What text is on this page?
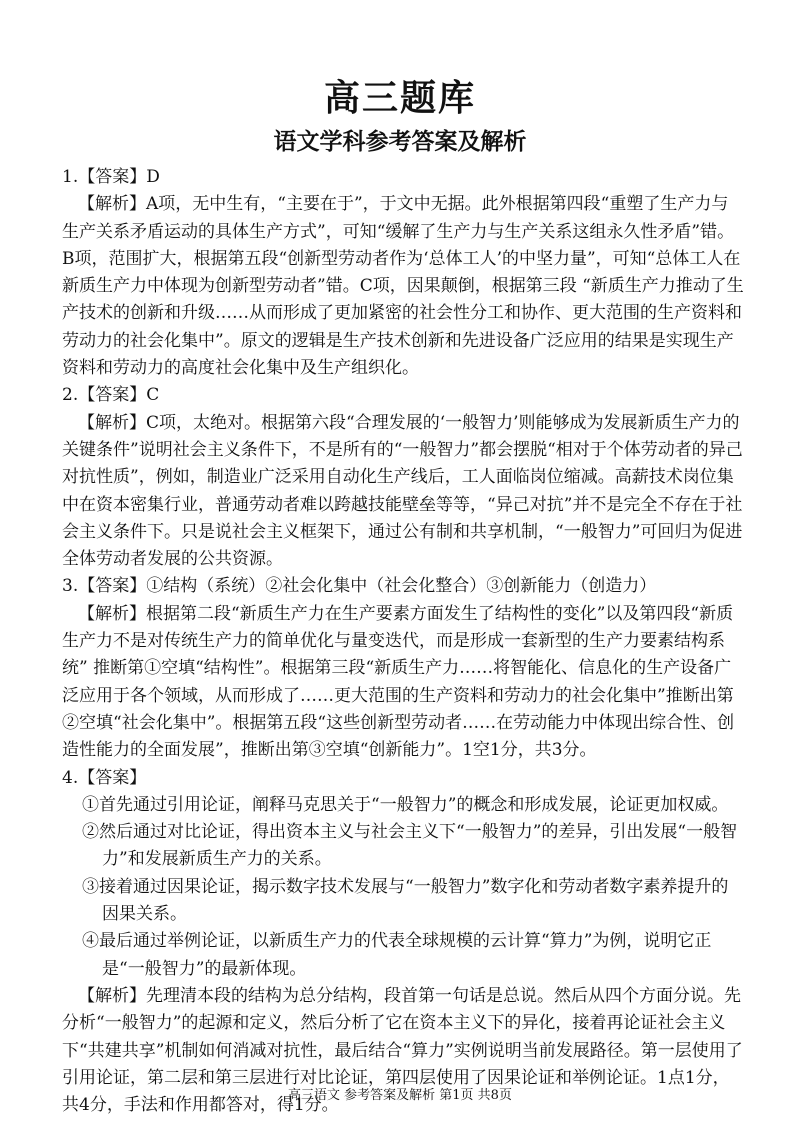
高三题库
语文学科参考答案及解析

1.【答案】D

【解析】A项，无中生有，“主要在于”，于文中无据。此外根据第四段“重塑了生产力与生产关系矛盾运动的具体生产方式”，可知“缓解了生产力与生产关系这组永久性矛盾”错。B项，范围扩大，根据第五段“创新型劳动者作为‘总体工人’的中坚力量”，可知“总体工人在新质生产力中体现为创新型劳动者”错。C项，因果颠倒，根据第三段 “新质生产力推动了生产技术的创新和升级……从而形成了更加紧密的社会性分工和协作、更大范围的生产资料和劳动力的社会化集中”。原文的逻辑是生产技术创新和先进设备广泛应用的结果是实现生产资料和劳动力的高度社会化集中及生产组织化。

2.【答案】C

【解析】C项，太绝对。根据第六段“合理发展的‘一般智力’则能够成为发展新质生产力的关键条件”说明社会主义条件下，不是所有的“一般智力”都会摆脱“相对于个体劳动者的异己对抗性质”，例如，制造业广泛采用自动化生产线后，工人面临岗位缩减。高薪技术岗位集中在资本密集行业，普通劳动者难以跨越技能壁垒等等，“异己对抗”并不是完全不存在于社会主义条件下。只是说社会主义框架下，通过公有制和共享机制，“一般智力”可回归为促进全体劳动者发展的公共资源。

3.【答案】①结构（系统）②社会化集中（社会化整合）③创新能力（创造力）

【解析】根据第二段“新质生产力在生产要素方面发生了结构性的变化”以及第四段“新质生产力不是对传统生产力的简单优化与量变迭代，而是形成一套新型的生产力要素结构系统” 推断第①空填“结构性”。根据第三段“新质生产力……将智能化、信息化的生产设备广泛应用于各个领域，从而形成了……更大范围的生产资料和劳动力的社会化集中”推断出第②空填“社会化集中”。根据第五段“这些创新型劳动者……在劳动能力中体现出综合性、创造性能力的全面发展”，推断出第③空填“创新能力”。1空1分，共3分。

4.【答案】

①首先通过引用论证，阐释马克思关于“一般智力”的概念和形成发展，论证更加权威。

②然后通过对比论证，得出资本主义与社会主义下“一般智力”的差异，引出发展“一般智力”和发展新质生产力的关系。

③接着通过因果论证，揭示数字技术发展与“一般智力”数字化和劳动者数字素养提升的因果关系。

④最后通过举例论证，以新质生产力的代表全球规模的云计算“算力”为例，说明它正是“一般智力”的最新体现。

【解析】先理清本段的结构为总分结构，段首第一句话是总说。然后从四个方面分说。先分析“一般智力”的起源和定义，然后分析了它在资本主义下的异化，接着再论证社会主义下“共建共享”机制如何消减对抗性，最后结合“算力”实例说明当前发展路径。第一层使用了引用论证，第二层和第三层进行对比论证，第四层使用了因果论证和举例论证。1点1分，共4分，手法和作用都答对，得1分。

高三语文 参考答案及解析 第1页 共8页
